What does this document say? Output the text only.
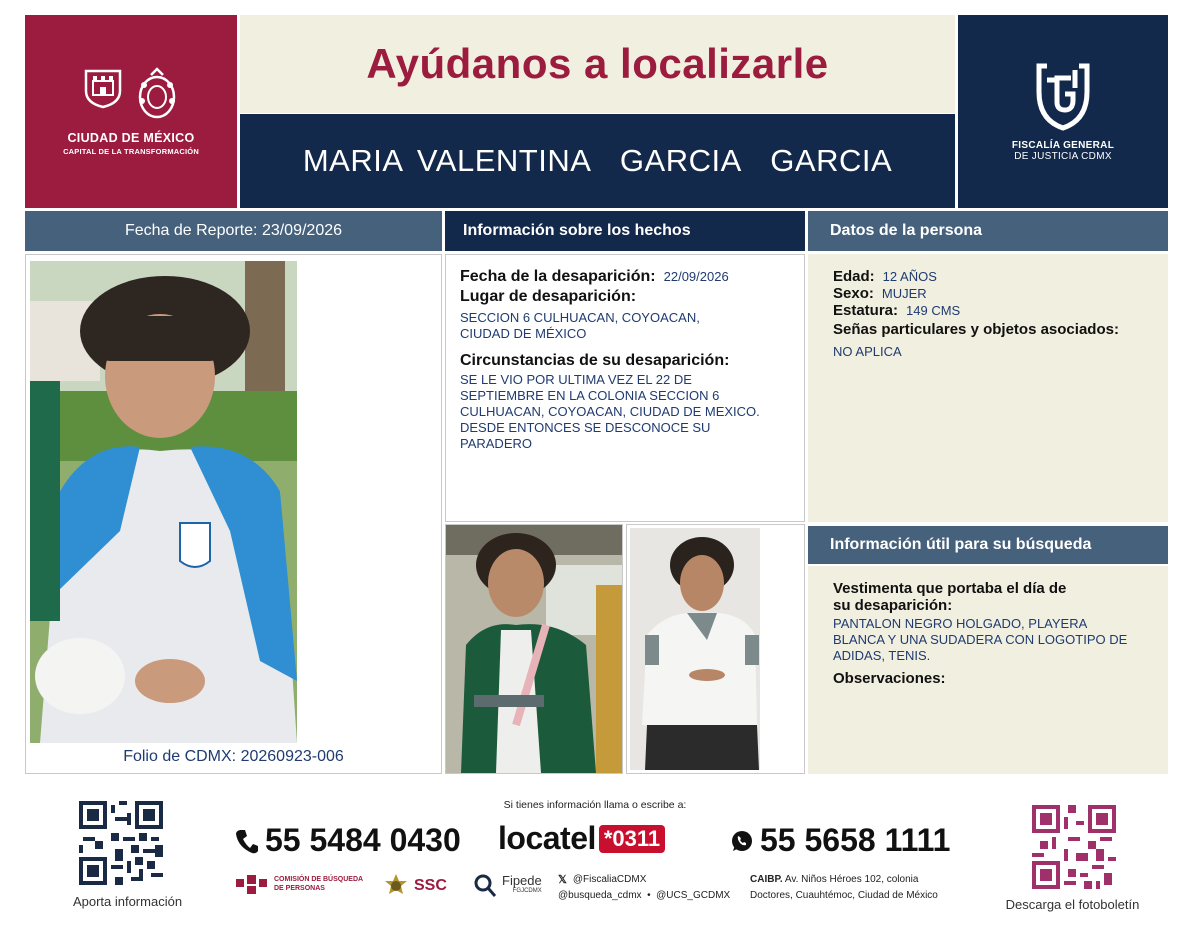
CIUDAD DE MÉXICO
CAPITAL DE LA TRANSFORMACIÓN
Ayúdanos a localizarle
MARIA VALENTINA  GARCIA  GARCIA	FISCALÍA GENERAL
DE JUSTICIA CDMX
Fecha de Reporte: 23/09/2026	Información sobre los hechos	Datos de la persona
Folio de CDMX: 20260923-006
Fecha de la desaparición: 22/09/2026
Lugar de desaparición:
SECCION 6 CULHUACAN, COYOACAN, CIUDAD DE MÉXICO
Circunstancias de su desaparición:
SE LE VIO POR ULTIMA VEZ EL 22 DE SEPTIEMBRE EN LA COLONIA SECCION 6 CULHUACAN, COYOACAN, CIUDAD DE MEXICO. DESDE ENTONCES SE DESCONOCE SU PARADERO
Edad: 12 AÑOS
Sexo: MUJER
Estatura: 149 CMS
Señas particulares y objetos asociados:
NO APLICA
Información útil para su búsqueda
Vestimenta que portaba el día de su desaparición:
PANTALON NEGRO HOLGADO, PLAYERA BLANCA Y UNA SUDADERA CON LOGOTIPO DE ADIDAS, TENIS.
Observaciones:
Aporta información
Si tienes información llama o escribe a:
55 5484 0430 locatel *0311	55 5658 1111
COMISIÓN DE BÚSQUEDA
DE PERSONAS	SSC	Fipede
FGJCDMX
𝕏 @FiscaliaCDMX
@busqueda_cdmx  •  @UCS_GCDMX
CAIBP. Av. Niños Héroes 102, colonia
Doctores, Cuauhtémoc, Ciudad de México
Descarga el fotoboletín
